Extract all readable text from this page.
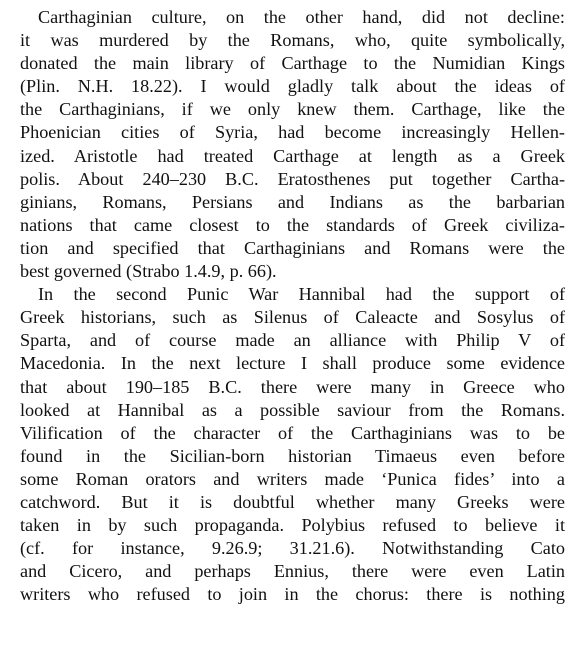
Carthaginian culture, on the other hand, did not decline:
it was murdered by the Romans, who, quite symbolically,
donated the main library of Carthage to the Numidian Kings
(Plin. N.H. 18.22). I would gladly talk about the ideas of
the Carthaginians, if we only knew them. Carthage, like the
Phoenician cities of Syria, had become increasingly Hellen-
ized. Aristotle had treated Carthage at length as a Greek
polis. About 240–230 B.C. Eratosthenes put together Cartha-
ginians, Romans, Persians and Indians as the barbarian
nations that came closest to the standards of Greek civiliza-
tion and specified that Carthaginians and Romans were the
best governed (Strabo 1.4.9, p. 66).
In the second Punic War Hannibal had the support of
Greek historians, such as Silenus of Caleacte and Sosylus of
Sparta, and of course made an alliance with Philip V of
Macedonia. In the next lecture I shall produce some evidence
that about 190–185 B.C. there were many in Greece who
looked at Hannibal as a possible saviour from the Romans.
Vilification of the character of the Carthaginians was to be
found in the Sicilian-born historian Timaeus even before
some Roman orators and writers made ‘Punica fides’ into a
catchword. But it is doubtful whether many Greeks were
taken in by such propaganda. Polybius refused to believe it
(cf. for instance, 9.26.9; 31.21.6). Notwithstanding Cato
and Cicero, and perhaps Ennius, there were even Latin
writers who refused to join in the chorus: there is nothing
